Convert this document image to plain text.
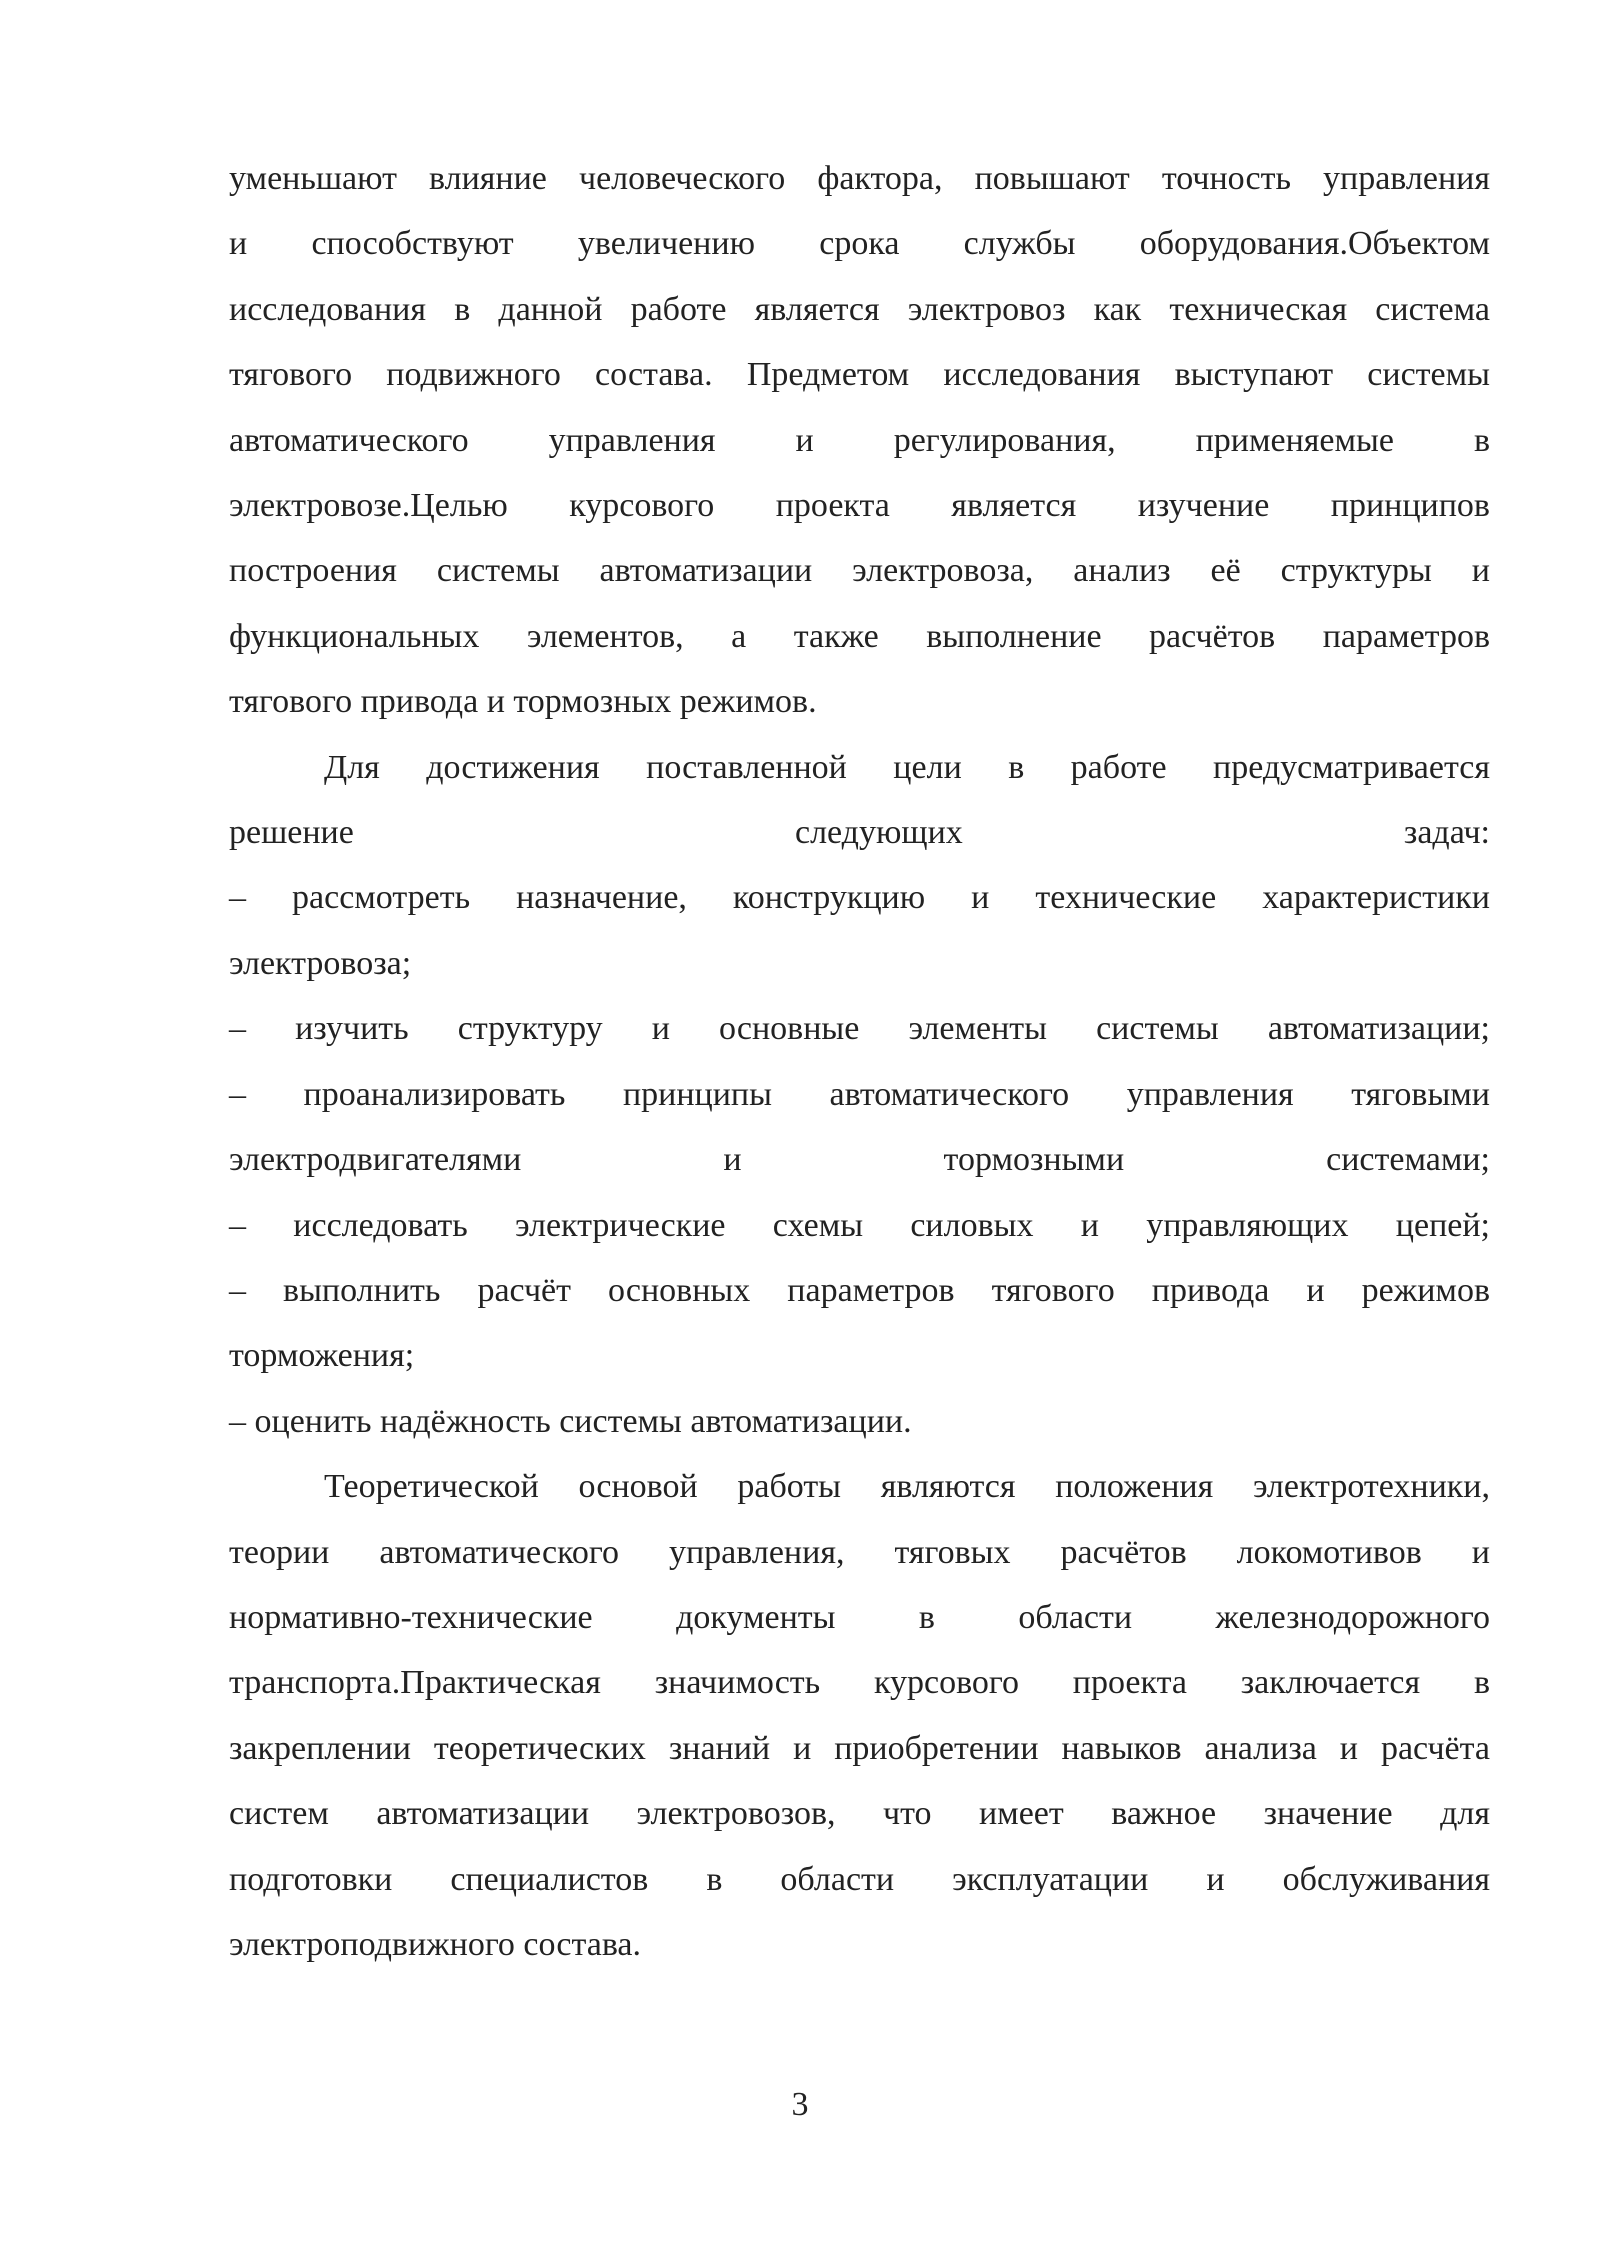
уменьшают влияние человеческого фактора, повышают точность управления
и способствуют увеличению срока службы оборудования.Объектом
исследования в данной работе является электровоз как техническая система
тягового подвижного состава. Предметом исследования выступают системы
автоматического управления и регулирования, применяемые в
электровозе.Целью курсового проекта является изучение принципов
построения системы автоматизации электровоза, анализ её структуры и
функциональных элементов, а также выполнение расчётов параметров
тягового привода и тормозных режимов.

Для достижения поставленной цели в работе предусматривается
решение следующих задач:
– рассмотреть назначение, конструкцию и технические характеристики
электровоза;
– изучить структуру и основные элементы системы автоматизации;
– проанализировать принципы автоматического управления тяговыми
электродвигателями и тормозными системами;
– исследовать электрические схемы силовых и управляющих цепей;
– выполнить расчёт основных параметров тягового привода и режимов
торможения;
– оценить надёжность системы автоматизации.

Теоретической основой работы являются положения электротехники,
теории автоматического управления, тяговых расчётов локомотивов и
нормативно-технические документы в области железнодорожного
транспорта.Практическая значимость курсового проекта заключается в
закреплении теоретических знаний и приобретении навыков анализа и расчёта
систем автоматизации электровозов, что имеет важное значение для
подготовки специалистов в области эксплуатации и обслуживания
электроподвижного состава.

3
